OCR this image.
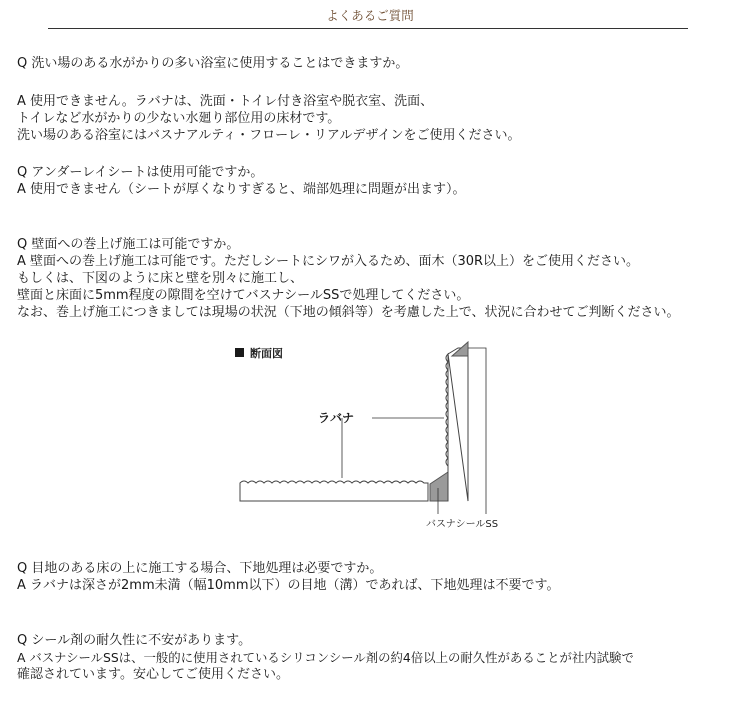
よくあるご質問
Q 洗い場のある水がかりの多い浴室に使用することはできますか。
A 使用できません。ラバナは、洗面・トイレ付き浴室や脱衣室、洗面、
トイレなど水がかりの少ない水廻り部位用の床材です。
洗い場のある浴室にはバスナアルティ・フローレ・リアルデザインをご使用ください。
Q アンダーレイシートは使用可能ですか。
A 使用できません（シートが厚くなりすぎると、端部処理に問題が出ます）。
Q 壁面への巻上げ施工は可能ですか。
A 壁面への巻上げ施工は可能です。ただしシートにシワが入るため、面木（30R以上）をご使用ください。
もしくは、下図のように床と壁を別々に施工し、
壁面と床面に5mm程度の隙間を空けてバスナシールSSで処理してください。
なお、巻上げ施工につきましては現場の状況（下地の傾斜等）を考慮した上で、状況に合わせてご判断ください。
断面図
ラバナ
バスナシールSS
Q 目地のある床の上に施工する場合、下地処理は必要ですか。
A ラバナは深さが2mm未満（幅10mm以下）の目地（溝）であれば、下地処理は不要です。
Q シール剤の耐久性に不安があります。
A バスナシールSSは、一般的に使用されているシリコンシール剤の約4倍以上の耐久性があることが社内試験で
確認されています。安心してご使用ください。
